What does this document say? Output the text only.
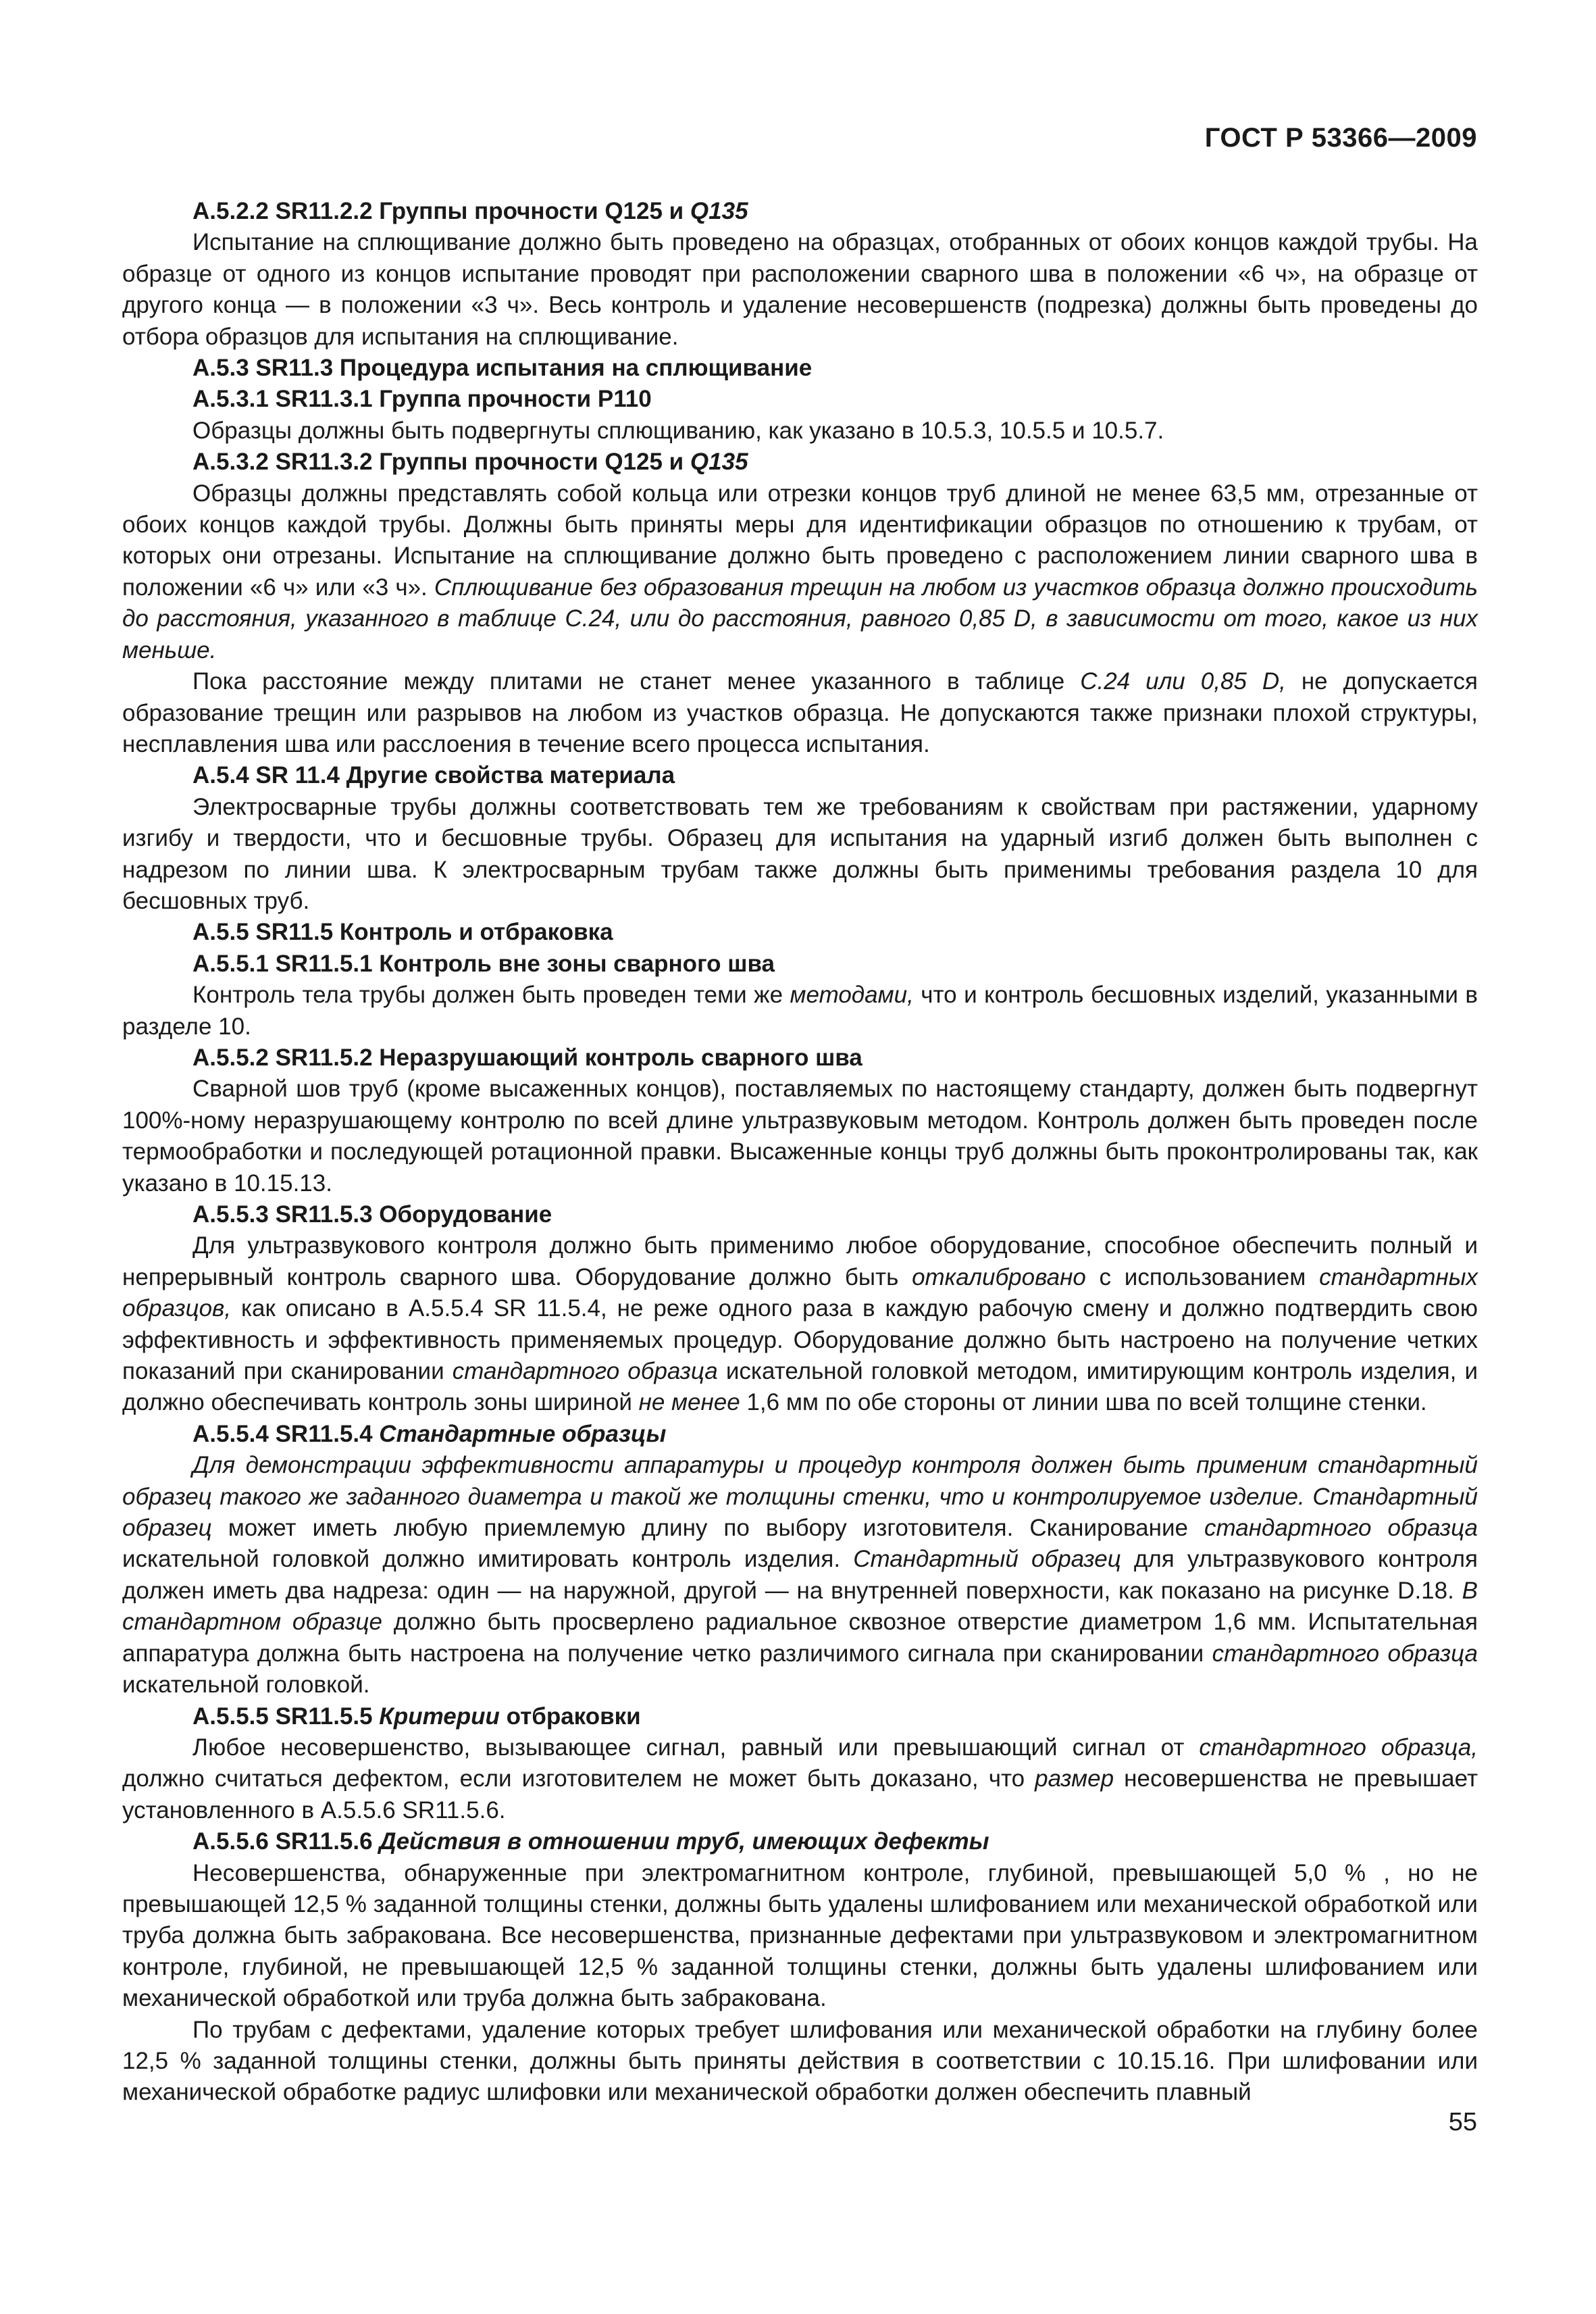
ГОСТ Р 53366—2009
А.5.2.2 SR11.2.2 Группы прочности Q125 и Q135
Испытание на сплющивание должно быть проведено на образцах, отобранных от обоих концов каждой трубы. На образце от одного из концов испытание проводят при расположении сварного шва в положении «6 ч», на образце от другого конца — в положении «3 ч». Весь контроль и удаление несовершенств (подрезка) должны быть проведены до отбора образцов для испытания на сплющивание.
А.5.3 SR11.3 Процедура испытания на сплющивание
А.5.3.1 SR11.3.1 Группа прочности Р110
Образцы должны быть подвергнуты сплющиванию, как указано в 10.5.3, 10.5.5 и 10.5.7.
А.5.3.2 SR11.3.2 Группы прочности Q125 и Q135
Образцы должны представлять собой кольца или отрезки концов труб длиной не менее 63,5 мм, отрезанные от обоих концов каждой трубы. Должны быть приняты меры для идентификации образцов по отношению к трубам, от которых они отрезаны. Испытание на сплющивание должно быть проведено с расположением линии сварного шва в положении «6 ч» или «3 ч». Сплющивание без образования трещин на любом из участков образца должно происходить до расстояния, указанного в таблице С.24, или до расстояния, равного 0,85 D, в зависимости от того, какое из них меньше.
Пока расстояние между плитами не станет менее указанного в таблице С.24 или 0,85 D, не допускается образование трещин или разрывов на любом из участков образца. Не допускаются также признаки плохой структуры, несплавления шва или расслоения в течение всего процесса испытания.
А.5.4 SR 11.4 Другие свойства материала
Электросварные трубы должны соответствовать тем же требованиям к свойствам при растяжении, ударному изгибу и твердости, что и бесшовные трубы. Образец для испытания на ударный изгиб должен быть выполнен с надрезом по линии шва. К электросварным трубам также должны быть применимы требования раздела 10 для бесшовных труб.
А.5.5 SR11.5 Контроль и отбраковка
А.5.5.1 SR11.5.1 Контроль вне зоны сварного шва
Контроль тела трубы должен быть проведен теми же методами, что и контроль бесшовных изделий, указанными в разделе 10.
А.5.5.2 SR11.5.2 Неразрушающий контроль сварного шва
Сварной шов труб (кроме высаженных концов), поставляемых по настоящему стандарту, должен быть подвергнут 100%-ному неразрушающему контролю по всей длине ультразвуковым методом. Контроль должен быть проведен после термообработки и последующей ротационной правки. Высаженные концы труб должны быть проконтролированы так, как указано в 10.15.13.
А.5.5.3 SR11.5.3 Оборудование
Для ультразвукового контроля должно быть применимо любое оборудование, способное обеспечить полный и непрерывный контроль сварного шва. Оборудование должно быть откалибровано с использованием стандартных образцов, как описано в А.5.5.4 SR 11.5.4, не реже одного раза в каждую рабочую смену и должно подтвердить свою эффективность и эффективность применяемых процедур. Оборудование должно быть настроено на получение четких показаний при сканировании стандартного образца искательной головкой методом, имитирующим контроль изделия, и должно обеспечивать контроль зоны шириной не менее 1,6 мм по обе стороны от линии шва по всей толщине стенки.
А.5.5.4 SR11.5.4 Стандартные образцы
Для демонстрации эффективности аппаратуры и процедур контроля должен быть применим стандартный образец такого же заданного диаметра и такой же толщины стенки, что и контролируемое изделие. Стандартный образец может иметь любую приемлемую длину по выбору изготовителя. Сканирование стандартного образца искательной головкой должно имитировать контроль изделия. Стандартный образец для ультразвукового контроля должен иметь два надреза: один — на наружной, другой — на внутренней поверхности, как показано на рисунке D.18. В стандартном образце должно быть просверлено радиальное сквозное отверстие диаметром 1,6 мм. Испытательная аппаратура должна быть настроена на получение четко различимого сигнала при сканировании стандартного образца искательной головкой.
А.5.5.5 SR11.5.5 Критерии отбраковки
Любое несовершенство, вызывающее сигнал, равный или превышающий сигнал от стандартного образца, должно считаться дефектом, если изготовителем не может быть доказано, что размер несовершенства не превышает установленного в А.5.5.6 SR11.5.6.
А.5.5.6 SR11.5.6 Действия в отношении труб, имеющих дефекты
Несовершенства, обнаруженные при электромагнитном контроле, глубиной, превышающей 5,0 % , но не превышающей 12,5 % заданной толщины стенки, должны быть удалены шлифованием или механической обработкой или труба должна быть забракована. Все несовершенства, признанные дефектами при ультразвуковом и электромагнитном контроле, глубиной, не превышающей 12,5 % заданной толщины стенки, должны быть удалены шлифованием или механической обработкой или труба должна быть забракована.
По трубам с дефектами, удаление которых требует шлифования или механической обработки на глубину более 12,5 % заданной толщины стенки, должны быть приняты действия в соответствии с 10.15.16. При шлифовании или механической обработке радиус шлифовки или механической обработки должен обеспечить плавный
55
